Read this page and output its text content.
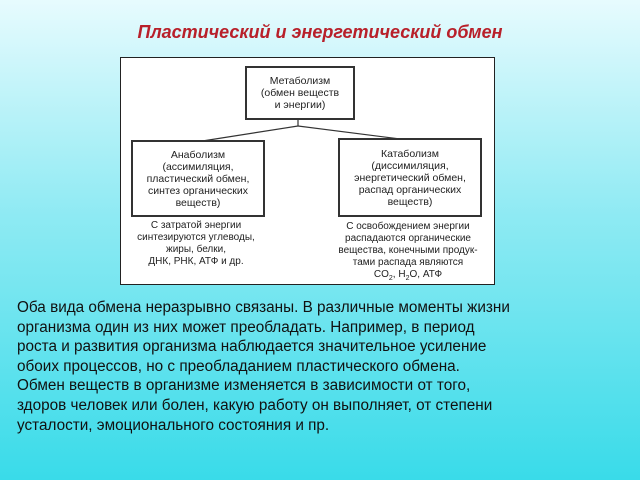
Пластический и энергетический обмен
Метаболизм
(обмен веществ
и энергии)
Анаболизм
(ассимиляция,
пластический обмен,
синтез органических
веществ)
Катаболизм
(диссимиляция,
энергетический обмен,
распад органических
веществ)
С затратой энергии
синтезируются углеводы,
жиры, белки,
ДНК, РНК, АТФ и др.
С освобождением энергии
распадаются органические
вещества, конечными продук-
тами распада являются
$CO_2$, $H_2O$, АТФ
Оба вида обмена неразрывно связаны. В различные моменты жизни
организма один из них может преобладать. Например, в период
роста и развития организма наблюдается значительное усиление
обоих процессов, но с преобладанием пластического обмена.
Обмен веществ в организме изменяется в зависимости от того,
здоров человек или болен, какую работу он выполняет, от степени
усталости, эмоционального состояния и пр.
